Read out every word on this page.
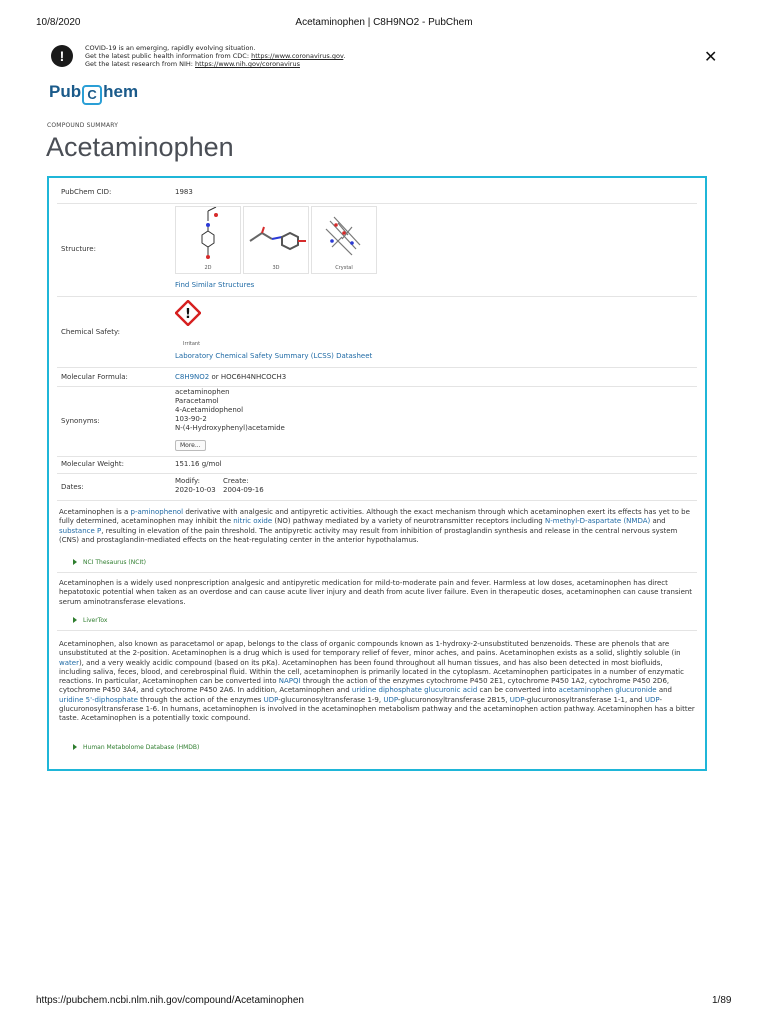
10/8/2020	Acetaminophen | C8H9NO2 - PubChem
!	COVID-19 is an emerging, rapidly evolving situation.
Get the latest public health information from CDC: https://www.coronavirus.gov.
Get the latest research from NIH: https://www.nih.gov/coronavirus	✕
Pub C hem
COMPOUND SUMMARY
Acetaminophen
PubChem CID:	1983
Structure:
2D	3D	Crystal
Find Similar Structures
Chemical Safety:
!
Irritant
Laboratory Chemical Safety Summary (LCSS) Datasheet
Molecular Formula:	C8H9NO2 or HOC6H4NHCOCH3
Synonyms:
acetaminophen
Paracetamol
4-Acetamidophenol
103-90-2
N-(4-Hydroxyphenyl)acetamide
More...
Molecular Weight:	151.16 g/mol
Dates:
Modify:
2020-10-03
Create:
2004-09-16
Acetaminophen is a p-aminophenol derivative with analgesic and antipyretic activities. Although the exact mechanism through which acetaminophen exert its effects has yet to be fully determined, acetaminophen may inhibit the nitric oxide (NO) pathway mediated by a variety of neurotransmitter receptors including N-methyl-D-aspartate (NMDA) and substance P, resulting in elevation of the pain threshold. The antipyretic activity may result from inhibition of prostaglandin synthesis and release in the central nervous system (CNS) and prostaglandin-mediated effects on the heat-regulating center in the anterior hypothalamus.
NCI Thesaurus (NCIt)
Acetaminophen is a widely used nonprescription analgesic and antipyretic medication for mild-to-moderate pain and fever. Harmless at low doses, acetaminophen has direct hepatotoxic potential when taken as an overdose and can cause acute liver injury and death from acute liver failure. Even in therapeutic doses, acetaminophen can cause transient serum aminotransferase elevations.
LiverTox
Acetaminophen, also known as paracetamol or apap, belongs to the class of organic compounds known as 1-hydroxy-2-unsubstituted benzenoids. These are phenols that are unsubstituted at the 2-position. Acetaminophen is a drug which is used for temporary relief of fever, minor aches, and pains. Acetaminophen exists as a solid, slightly soluble (in water), and a very weakly acidic compound (based on its pKa). Acetaminophen has been found throughout all human tissues, and has also been detected in most biofluids, including saliva, feces, blood, and cerebrospinal fluid. Within the cell, acetaminophen is primarily located in the cytoplasm. Acetaminophen participates in a number of enzymatic reactions. In particular, Acetaminophen can be converted into NAPQI through the action of the enzymes cytochrome P450 2E1, cytochrome P450 1A2, cytochrome P450 2D6, cytochrome P450 3A4, and cytochrome P450 2A6. In addition, Acetaminophen and uridine diphosphate glucuronic acid can be converted into acetaminophen glucuronide and uridine 5'-diphosphate through the action of the enzymes UDP-glucuronosyltransferase 1-9, UDP-glucuronosyltransferase 2B15, UDP-glucuronosyltransferase 1-1, and UDP-glucuronosyltransferase 1-6. In humans, acetaminophen is involved in the acetaminophen metabolism pathway and the acetaminophen action pathway. Acetaminophen has a bitter taste. Acetaminophen is a potentially toxic compound.
Human Metabolome Database (HMDB)
https://pubchem.ncbi.nlm.nih.gov/compound/Acetaminophen	1/89
